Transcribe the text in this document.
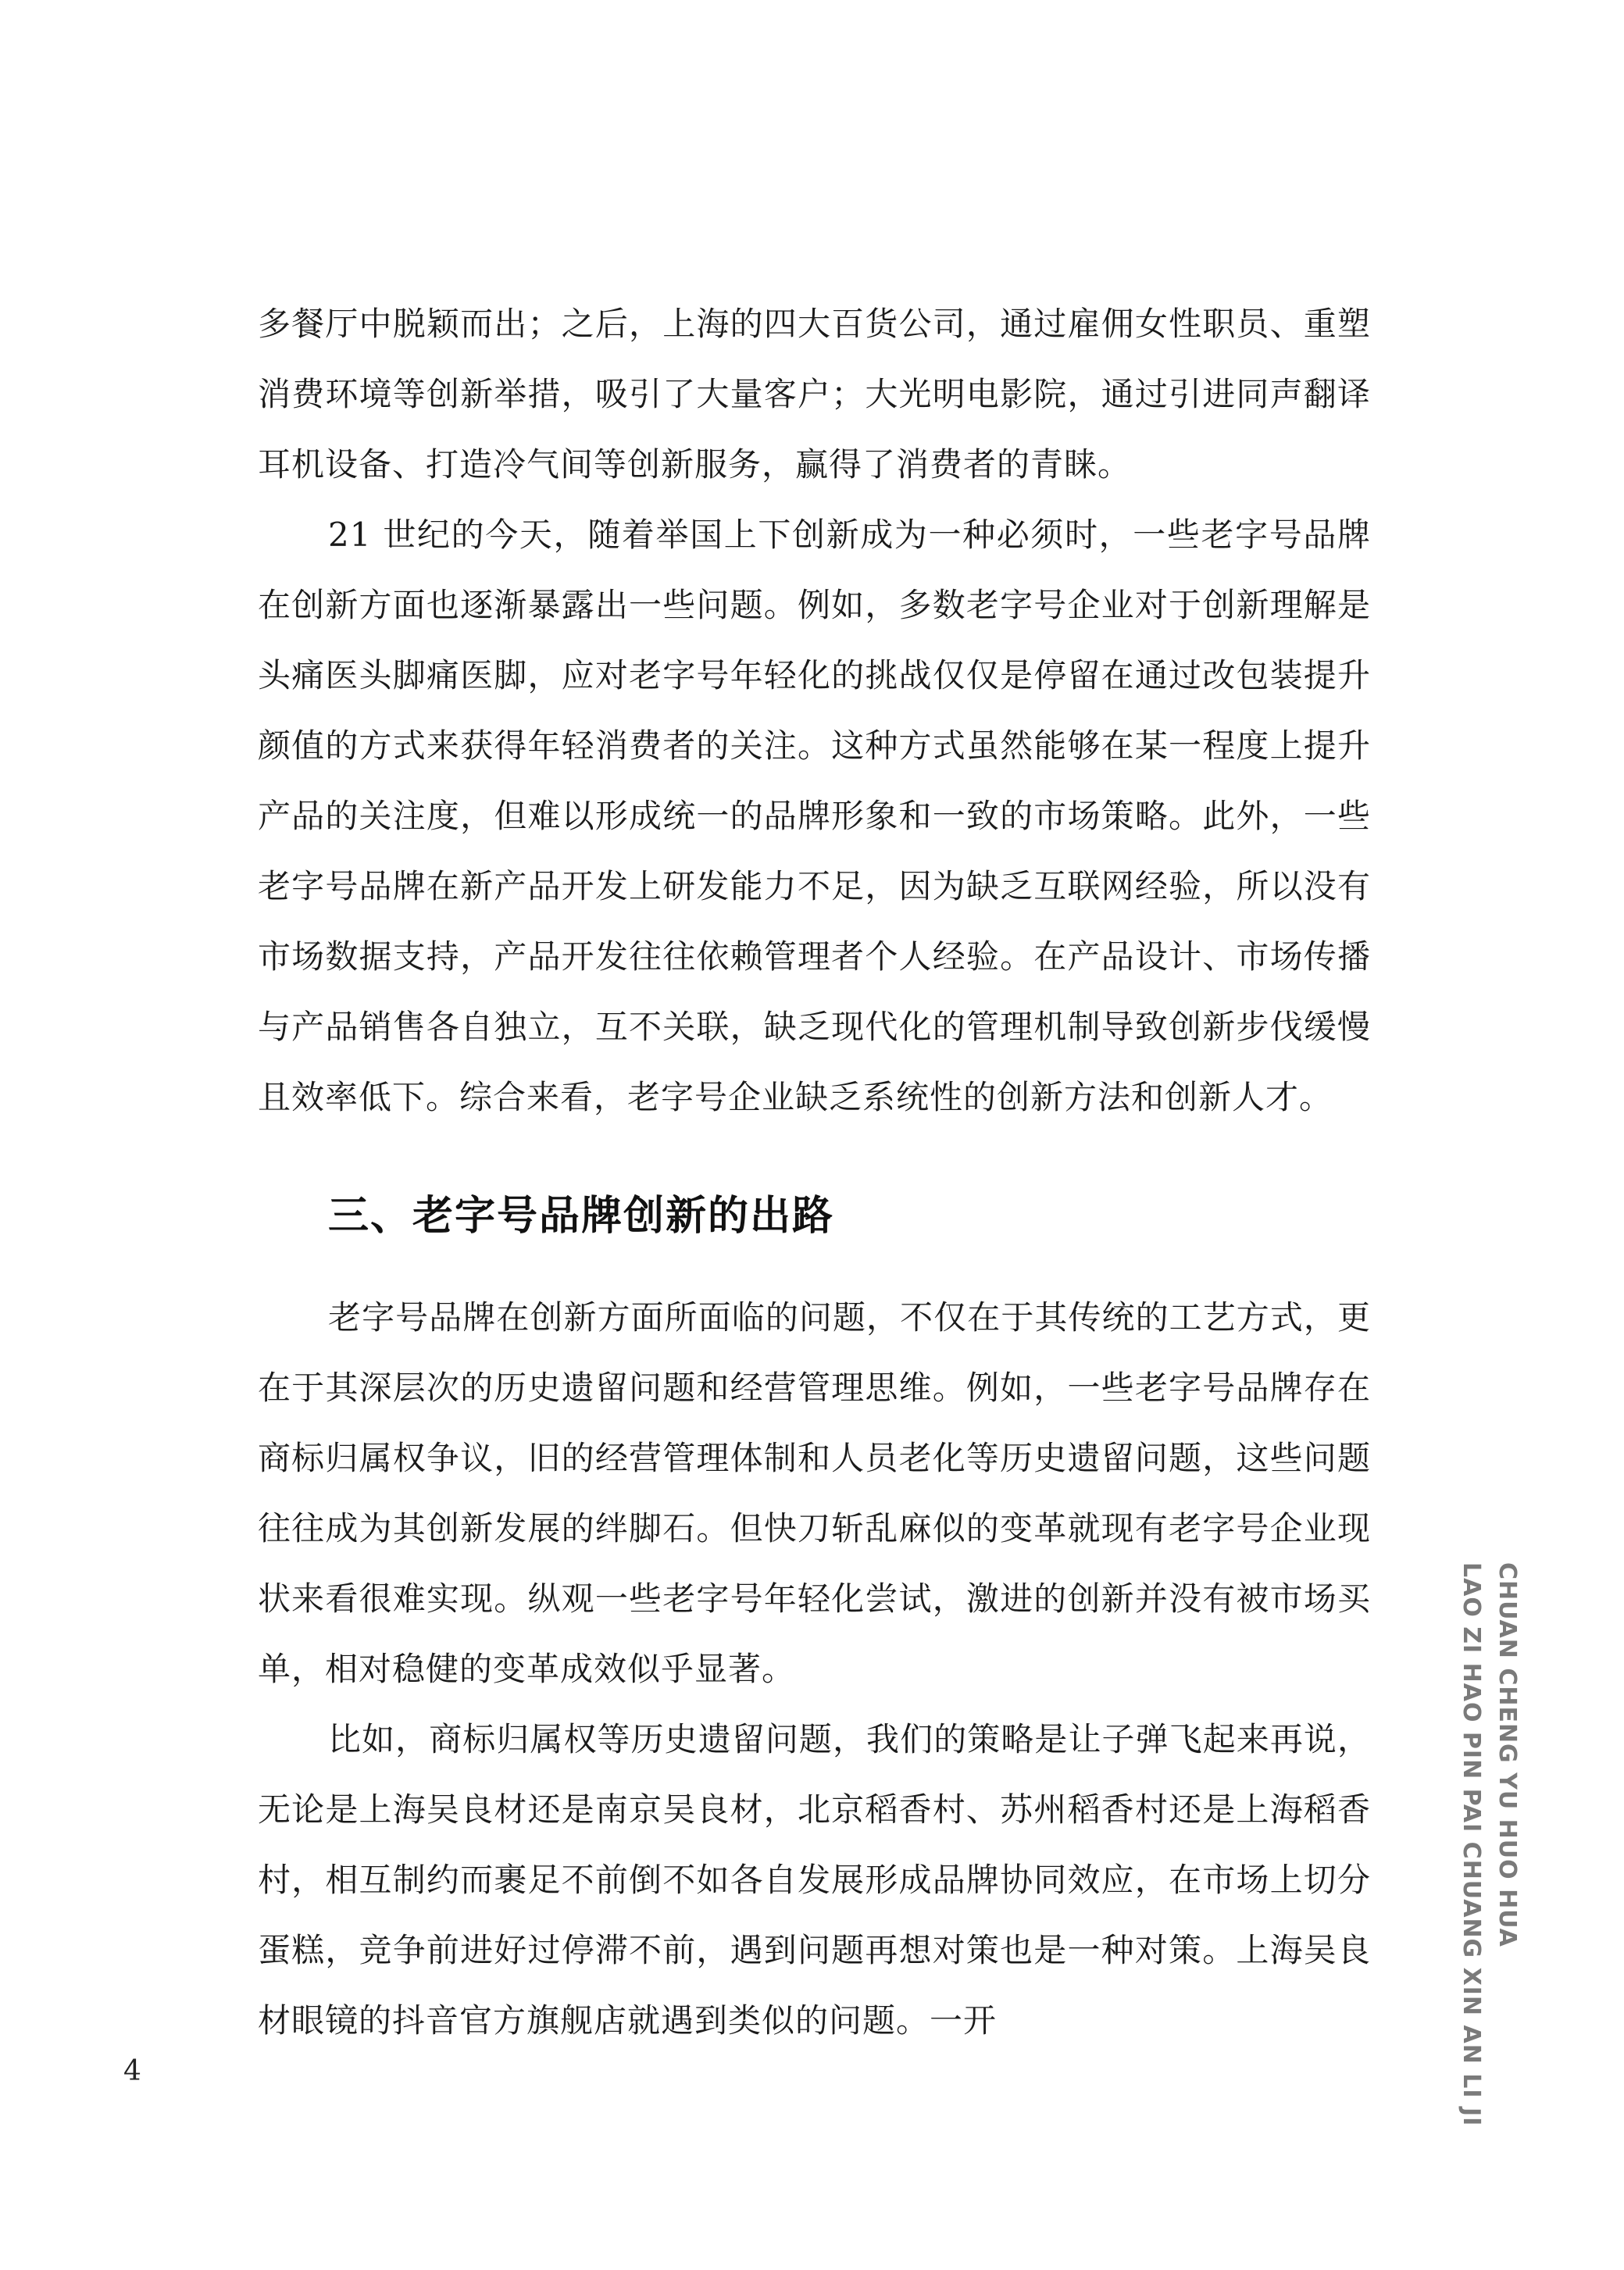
多餐厅中脱颖而出；之后，上海的四大百货公司，通过雇佣女性职员、重塑消费环境等创新举措，吸引了大量客户；大光明电影院，通过引进同声翻译耳机设备、打造冷气间等创新服务，赢得了消费者的青睐。

21 世纪的今天，随着举国上下创新成为一种必须时，一些老字号品牌在创新方面也逐渐暴露出一些问题。例如，多数老字号企业对于创新理解是头痛医头脚痛医脚，应对老字号年轻化的挑战仅仅是停留在通过改包装提升颜值的方式来获得年轻消费者的关注。这种方式虽然能够在某一程度上提升产品的关注度，但难以形成统一的品牌形象和一致的市场策略。此外，一些老字号品牌在新产品开发上研发能力不足，因为缺乏互联网经验，所以没有市场数据支持，产品开发往往依赖管理者个人经验。在产品设计、市场传播与产品销售各自独立，互不关联，缺乏现代化的管理机制导致创新步伐缓慢且效率低下。综合来看，老字号企业缺乏系统性的创新方法和创新人才。

三、老字号品牌创新的出路

老字号品牌在创新方面所面临的问题，不仅在于其传统的工艺方式，更在于其深层次的历史遗留问题和经营管理思维。例如，一些老字号品牌存在商标归属权争议，旧的经营管理体制和人员老化等历史遗留问题，这些问题往往成为其创新发展的绊脚石。但快刀斩乱麻似的变革就现有老字号企业现状来看很难实现。纵观一些老字号年轻化尝试，激进的创新并没有被市场买单，相对稳健的变革成效似乎显著。

比如，商标归属权等历史遗留问题，我们的策略是让子弹飞起来再说，无论是上海吴良材还是南京吴良材，北京稻香村、苏州稻香村还是上海稻香村，相互制约而裹足不前倒不如各自发展形成品牌协同效应，在市场上切分蛋糕，竞争前进好过停滞不前，遇到问题再想对策也是一种对策。上海吴良材眼镜的抖音官方旗舰店就遇到类似的问题。一开

4
CHUAN CHENG YU HUO HUA
LAO ZI HAO PIN PAI CHUANG XIN AN LI JI
